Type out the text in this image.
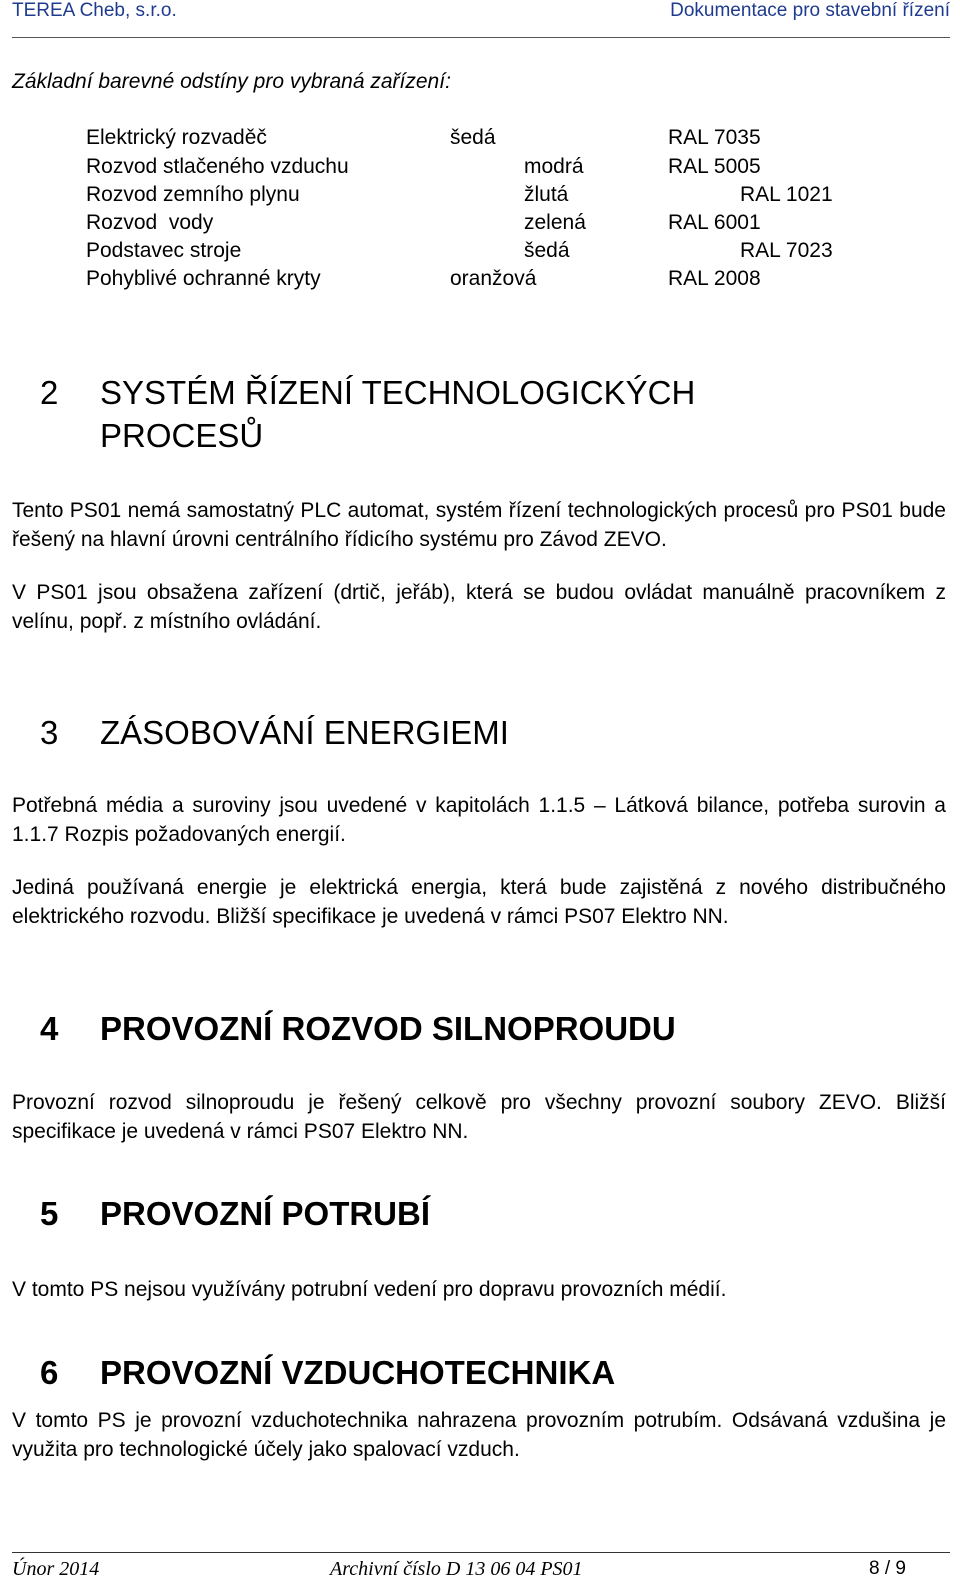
TEREA Cheb, s.r.o.	Dokumentace pro stavební řízení
Základní barevné odstíny pro vybraná zařízení:
Elektrický rozvaděč	šedá	RAL 7035
Rozvod stlačeného vzduchu	modrá	RAL 5005
Rozvod zemního plynu	žlutá	RAL 1021
Rozvod  vody	zelená	RAL 6001
Podstavec stroje	šedá	RAL 7023
Pohyblivé ochranné kryty	oranžová	RAL 2008
2 SYSTÉM ŘÍZENÍ TECHNOLOGICKÝCH PROCESŮ
Tento PS01 nemá samostatný PLC automat, systém řízení technologických procesů pro PS01 bude řešený na hlavní úrovni centrálního řídicího systému pro Závod ZEVO.
V PS01 jsou obsažena zařízení (drtič, jeřáb), která se budou ovládat manuálně pracovníkem z velínu, popř. z místního ovládání.
3 ZÁSOBOVÁNÍ ENERGIEMI
Potřebná média a suroviny jsou uvedené v kapitolách 1.1.5 – Látková bilance, potřeba surovin a 1.1.7 Rozpis požadovaných energií.
Jediná používaná energie je elektrická energia, která bude zajistěná z nového distribučného elektrického rozvodu. Bližší specifikace je uvedená v rámci PS07 Elektro NN.
4 PROVOZNÍ ROZVOD SILNOPROUDU
Provozní rozvod silnoproudu je řešený celkově pro všechny provozní soubory ZEVO. Bližší specifikace je uvedená v rámci PS07 Elektro NN.
5 PROVOZNÍ POTRUBÍ
V tomto PS nejsou využívány potrubní vedení pro dopravu provozních médií.
6 PROVOZNÍ VZDUCHOTECHNIKA
V tomto PS je provozní vzduchotechnika nahrazena provozním potrubím. Odsávaná vzdušina je využita pro technologické účely jako spalovací vzduch.
Únor 2014	Archivní číslo D 13 06 04 PS01	8 / 9
